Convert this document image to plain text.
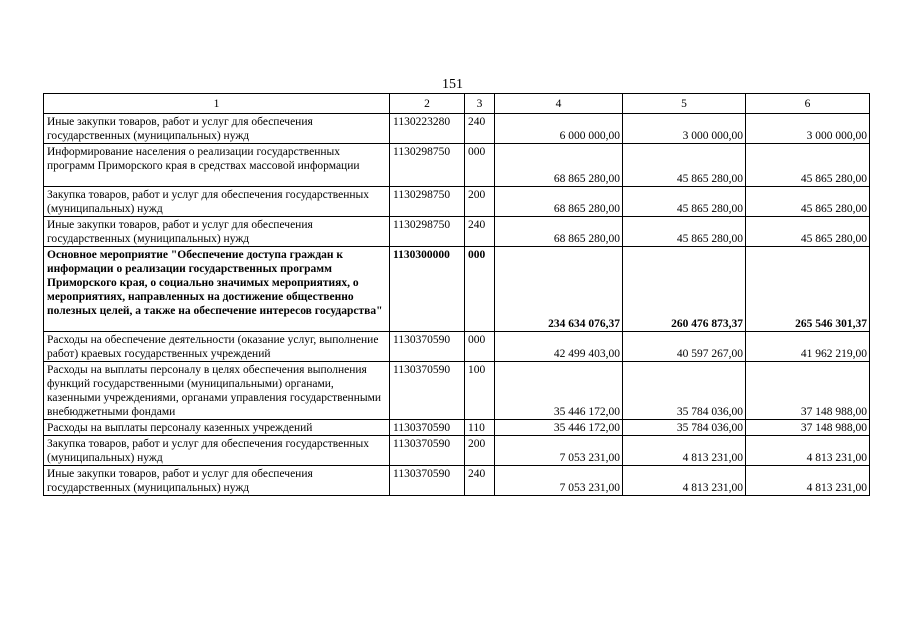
151
1	2	3	4	5	6
Иные закупки товаров, работ и услуг для обеспечения государственных (муниципальных) нужд	1130223280	240	6 000 000,00	3 000 000,00	3 000 000,00
Информирование населения о реализации государственных программ Приморского края в средствах массовой информации	1130298750	000	68 865 280,00	45 865 280,00	45 865 280,00
Закупка товаров, работ и услуг для обеспечения государственных (муниципальных) нужд	1130298750	200	68 865 280,00	45 865 280,00	45 865 280,00
Иные закупки товаров, работ и услуг для обеспечения государственных (муниципальных) нужд	1130298750	240	68 865 280,00	45 865 280,00	45 865 280,00
Основное мероприятие "Обеспечение доступа граждан к информации о реализации государственных программ Приморского края, о социально значимых мероприятиях, о мероприятиях, направленных на достижение общественно полезных целей, а также на обеспечение интересов государства"	1130300000	000	234 634 076,37	260 476 873,37	265 546 301,37
Расходы на обеспечение деятельности (оказание услуг, выполнение работ) краевых государственных учреждений	1130370590	000	42 499 403,00	40 597 267,00	41 962 219,00
Расходы на выплаты персоналу в целях обеспечения выполнения функций государственными (муниципальными) органами, казенными учреждениями, органами управления государственными внебюджетными фондами	1130370590	100	35 446 172,00	35 784 036,00	37 148 988,00
Расходы на выплаты персоналу казенных учреждений	1130370590	110	35 446 172,00	35 784 036,00	37 148 988,00
Закупка товаров, работ и услуг для обеспечения государственных (муниципальных) нужд	1130370590	200	7 053 231,00	4 813 231,00	4 813 231,00
Иные закупки товаров, работ и услуг для обеспечения государственных (муниципальных) нужд	1130370590	240	7 053 231,00	4 813 231,00	4 813 231,00
